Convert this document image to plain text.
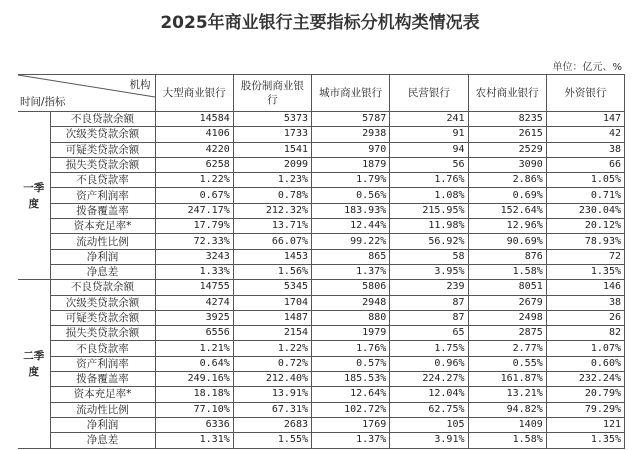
2025年商业银行主要指标分机构类情况表
单位：亿元、%
机构
时间/指标		大型商业银行	股份制商业银行	城市商业银行	民营银行	农村商业银行	外资银行
一季度	不良贷款余额	14584	5373	5787	241	8235	147
	次级类贷款余额	4106	1733	2938	91	2615	42
	可疑类贷款余额	4220	1541	970	94	2529	38
	损失类贷款余额	6258	2099	1879	56	3090	66
	不良贷款率	1.22%	1.23%	1.79%	1.76%	2.86%	1.05%
	资产利润率	0.67%	0.78%	0.56%	1.08%	0.69%	0.71%
	拨备覆盖率	247.17%	212.32%	183.93%	215.95%	152.64%	230.04%
	资本充足率*	17.79%	13.71%	12.44%	11.98%	12.96%	20.12%
	流动性比例	72.33%	66.07%	99.22%	56.92%	90.69%	78.93%
	净利润	3243	1453	865	58	876	72
	净息差	1.33%	1.56%	1.37%	3.95%	1.58%	1.35%
二季度	不良贷款余额	14755	5345	5806	239	8051	146
	次级类贷款余额	4274	1704	2948	87	2679	38
	可疑类贷款余额	3925	1487	880	87	2498	26
	损失类贷款余额	6556	2154	1979	65	2875	82
	不良贷款率	1.21%	1.22%	1.76%	1.75%	2.77%	1.07%
	资产利润率	0.64%	0.72%	0.57%	0.96%	0.55%	0.60%
	拨备覆盖率	249.16%	212.40%	185.53%	224.27%	161.87%	232.24%
	资本充足率*	18.18%	13.91%	12.64%	12.04%	13.21%	20.79%
	流动性比例	77.10%	67.31%	102.72%	62.75%	94.82%	79.29%
	净利润	6336	2683	1769	105	1409	121
	净息差	1.31%	1.55%	1.37%	3.91%	1.58%	1.35%
